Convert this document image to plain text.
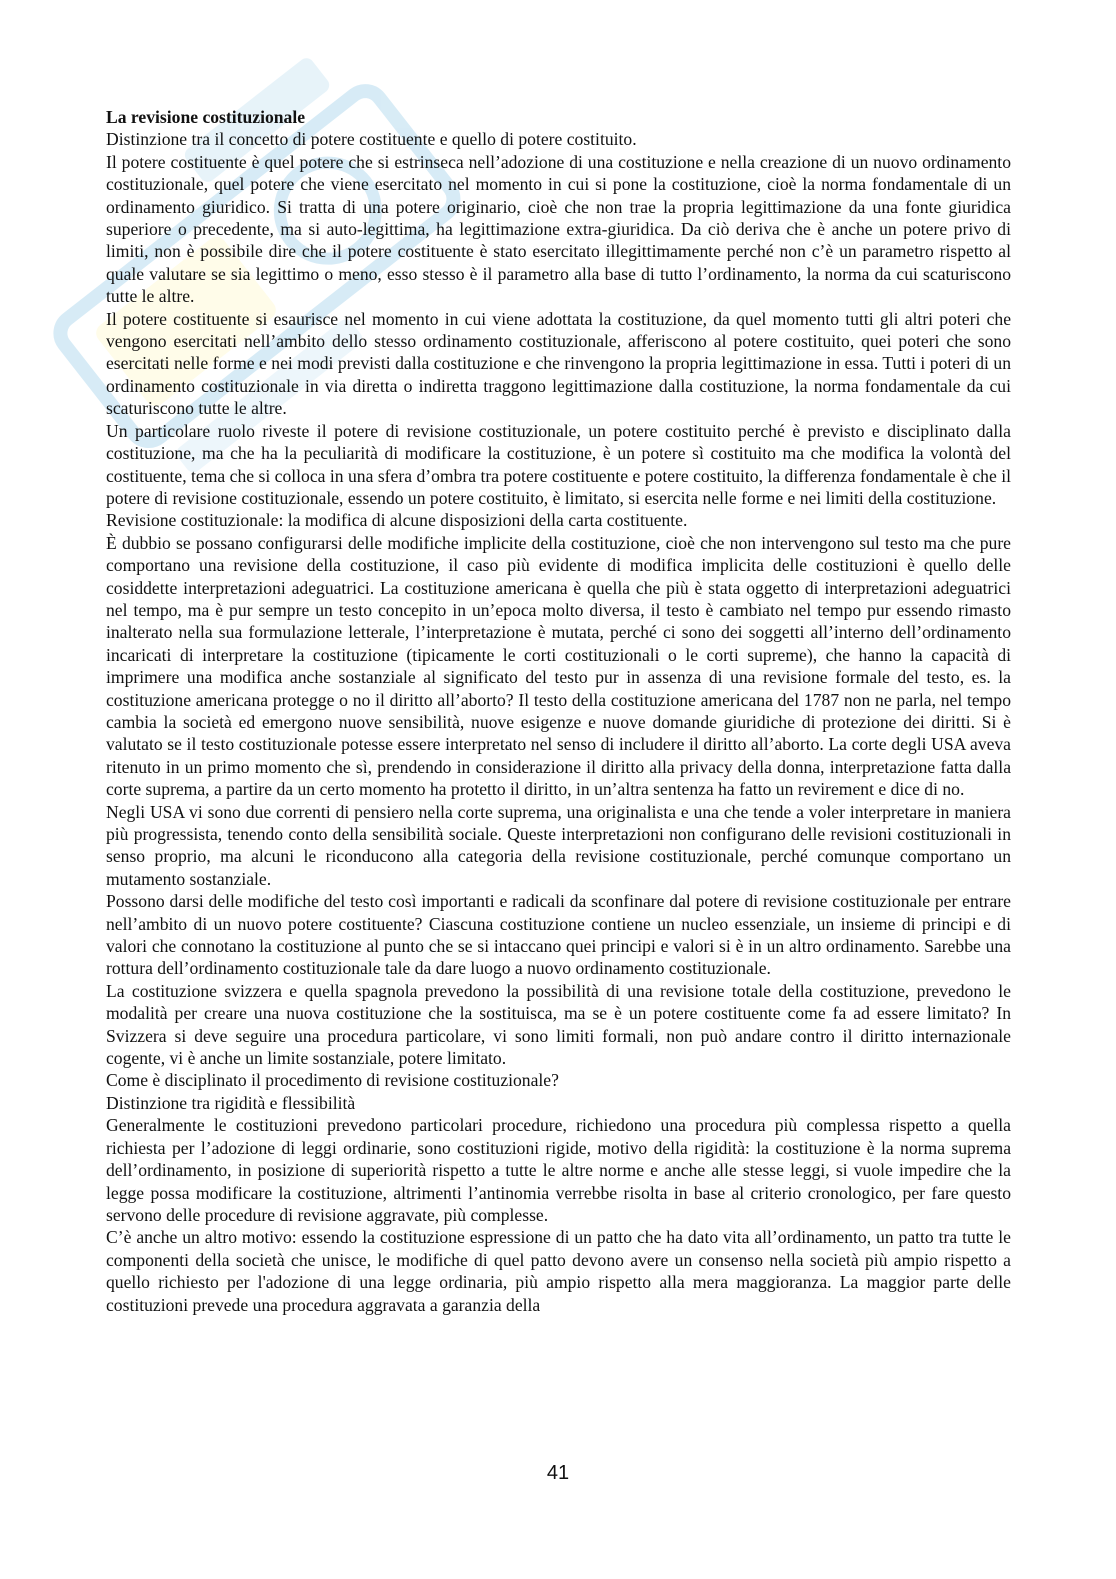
La revisione costituzionale

Distinzione tra il concetto di potere costituente e quello di potere costituito.

Il potere costituente è quel potere che si estrinseca nell’adozione di una costituzione e nella creazione di un nuovo ordinamento costituzionale, quel potere che viene esercitato nel momento in cui si pone la costituzione, cioè la norma fondamentale di un ordinamento giuridico. Si tratta di una potere originario, cioè che non trae la propria legittimazione da una fonte giuridica superiore o precedente, ma si auto-legittima, ha legittimazione extra-giuridica. Da ciò deriva che è anche un potere privo di limiti, non è possibile dire che il potere costituente è stato esercitato illegittimamente perché non c’è un parametro rispetto al quale valutare se sia legittimo o meno, esso stesso è il parametro alla base di tutto l’ordinamento, la norma da cui scaturiscono tutte le altre.

Il potere costituente si esaurisce nel momento in cui viene adottata la costituzione, da quel momento tutti gli altri poteri che vengono esercitati nell’ambito dello stesso ordinamento costituzionale, afferiscono al potere costituito, quei poteri che sono esercitati nelle forme e nei modi previsti dalla costituzione e che rinvengono la propria legittimazione in essa. Tutti i poteri di un ordinamento costituzionale in via diretta o indiretta traggono legittimazione dalla costituzione, la norma fondamentale da cui scaturiscono tutte le altre.

Un particolare ruolo riveste il potere di revisione costituzionale, un potere costituito perché è previsto e disciplinato dalla costituzione, ma che ha la peculiarità di modificare la costituzione, è un potere sì costituito ma che modifica la volontà del costituente, tema che si colloca in una sfera d’ombra tra potere costituente e potere costituito, la differenza fondamentale è che il potere di revisione costituzionale, essendo un potere costituito, è limitato, si esercita nelle forme e nei limiti della costituzione.

Revisione costituzionale: la modifica di alcune disposizioni della carta costituente.

È dubbio se possano configurarsi delle modifiche implicite della costituzione, cioè che non intervengono sul testo ma che pure comportano una revisione della costituzione, il caso più evidente di modifica implicita delle costituzioni è quello delle cosiddette interpretazioni adeguatrici. La costituzione americana è quella che più è stata oggetto di interpretazioni adeguatrici nel tempo, ma è pur sempre un testo concepito in un’epoca molto diversa, il testo è cambiato nel tempo pur essendo rimasto inalterato nella sua formulazione letterale, l’interpretazione è mutata, perché ci sono dei soggetti all’interno dell’ordinamento incaricati di interpretare la costituzione (tipicamente le corti costituzionali o le corti supreme), che hanno la capacità di imprimere una modifica anche sostanziale al significato del testo pur in assenza di una revisione formale del testo, es. la costituzione americana protegge o no il diritto all’aborto? Il testo della costituzione americana del 1787 non ne parla, nel tempo cambia la società ed emergono nuove sensibilità, nuove esigenze e nuove domande giuridiche di protezione dei diritti. Si è valutato se il testo costituzionale potesse essere interpretato nel senso di includere il diritto all’aborto. La corte degli USA aveva ritenuto in un primo momento che sì, prendendo in considerazione il diritto alla privacy della donna, interpretazione fatta dalla corte suprema, a partire da un certo momento ha protetto il diritto, in un’altra sentenza ha fatto un revirement e dice di no.

Negli USA vi sono due correnti di pensiero nella corte suprema, una originalista e una che tende a voler interpretare in maniera più progressista, tenendo conto della sensibilità sociale. Queste interpretazioni non configurano delle revisioni costituzionali in senso proprio, ma alcuni le riconducono alla categoria della revisione costituzionale, perché comunque comportano un mutamento sostanziale.

Possono darsi delle modifiche del testo così importanti e radicali da sconfinare dal potere di revisione costituzionale per entrare nell’ambito di un nuovo potere costituente? Ciascuna costituzione contiene un nucleo essenziale, un insieme di principi e di valori che connotano la costituzione al punto che se si intaccano quei principi e valori si è in un altro ordinamento. Sarebbe una rottura dell’ordinamento costituzionale tale da dare luogo a nuovo ordinamento costituzionale.

La costituzione svizzera e quella spagnola prevedono la possibilità di una revisione totale della costituzione, prevedono le modalità per creare una nuova costituzione che la sostituisca, ma se è un potere costituente come fa ad essere limitato? In Svizzera si deve seguire una procedura particolare, vi sono limiti formali, non può andare contro il diritto internazionale cogente, vi è anche un limite sostanziale, potere limitato.

Come è disciplinato il procedimento di revisione costituzionale?

Distinzione tra rigidità e flessibilità

Generalmente le costituzioni prevedono particolari procedure, richiedono una procedura più complessa rispetto a quella richiesta per l’adozione di leggi ordinarie, sono costituzioni rigide, motivo della rigidità: la costituzione è la norma suprema dell’ordinamento, in posizione di superiorità rispetto a tutte le altre norme e anche alle stesse leggi, si vuole impedire che la legge possa modificare la costituzione, altrimenti l’antinomia verrebbe risolta in base al criterio cronologico, per fare questo servono delle procedure di revisione aggravate, più complesse.

C’è anche un altro motivo: essendo la costituzione espressione di un patto che ha dato vita all’ordinamento, un patto tra tutte le componenti della società che unisce, le modifiche di quel patto devono avere un consenso nella società più ampio rispetto a quello richiesto per l'adozione di una legge ordinaria, più ampio rispetto alla mera maggioranza. La maggior parte delle costituzioni prevede una procedura aggravata a garanzia della

41
